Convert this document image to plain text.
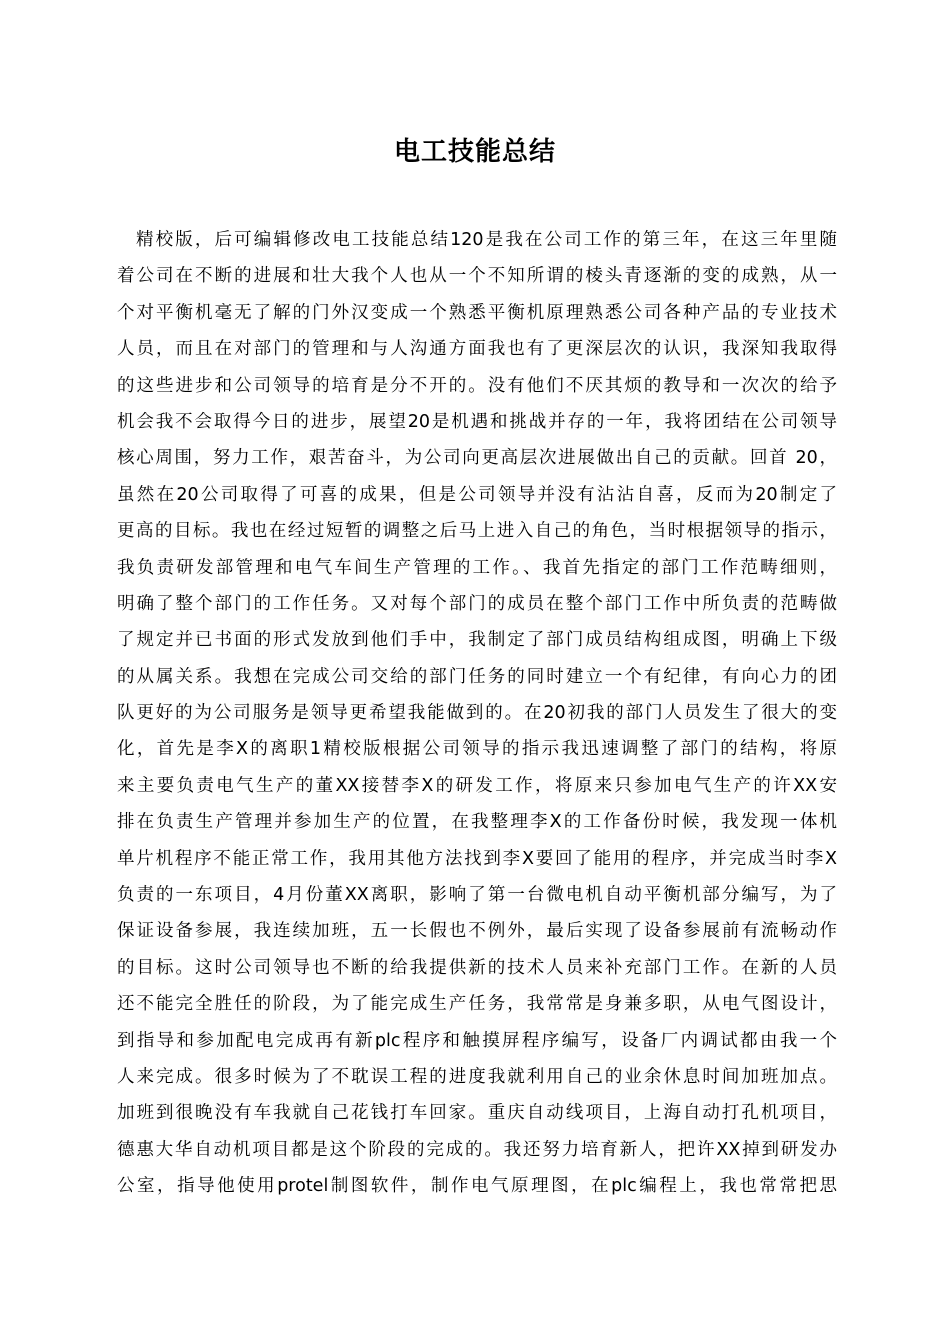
电工技能总结
精校版，后可编辑修改电工技能总结120是我在公司工作的第三年，在这三年里随
着公司在不断的进展和壮大我个人也从一个不知所谓的棱头青逐渐的变的成熟，从一
个对平衡机毫无了解的门外汉变成一个熟悉平衡机原理熟悉公司各种产品的专业技术
人员，而且在对部门的管理和与人沟通方面我也有了更深层次的认识，我深知我取得
的这些进步和公司领导的培育是分不开的。没有他们不厌其烦的教导和一次次的给予
机会我不会取得今日的进步，展望20是机遇和挑战并存的一年，我将团结在公司领导
核心周围，努力工作，艰苦奋斗，为公司向更高层次进展做出自己的贡献。回首 20，
虽然在20公司取得了可喜的成果，但是公司领导并没有沾沾自喜，反而为20制定了
更高的目标。我也在经过短暂的调整之后马上进入自己的角色，当时根据领导的指示，
我负责研发部管理和电气车间生产管理的工作。、我首先指定的部门工作范畴细则，
明确了整个部门的工作任务。又对每个部门的成员在整个部门工作中所负责的范畴做
了规定并已书面的形式发放到他们手中，我制定了部门成员结构组成图，明确上下级
的从属关系。我想在完成公司交给的部门任务的同时建立一个有纪律，有向心力的团
队更好的为公司服务是领导更希望我能做到的。在20初我的部门人员发生了很大的变
化，首先是李X的离职1精校版根据公司领导的指示我迅速调整了部门的结构，将原
来主要负责电气生产的董XX接替李X的研发工作，将原来只参加电气生产的许XX安
排在负责生产管理并参加生产的位置，在我整理李X的工作备份时候，我发现一体机
单片机程序不能正常工作，我用其他方法找到李X要回了能用的程序，并完成当时李X
负责的一东项目，4月份董XX离职，影响了第一台微电机自动平衡机部分编写，为了
保证设备参展，我连续加班，五一长假也不例外，最后实现了设备参展前有流畅动作
的目标。这时公司领导也不断的给我提供新的技术人员来补充部门工作。在新的人员
还不能完全胜任的阶段，为了能完成生产任务，我常常是身兼多职，从电气图设计，
到指导和参加配电完成再有新plc程序和触摸屏程序编写，设备厂内调试都由我一个
人来完成。很多时候为了不耽误工程的进度我就利用自己的业余休息时间加班加点。
加班到很晚没有车我就自己花钱打车回家。重庆自动线项目，上海自动打孔机项目，
德惠大华自动机项目都是这个阶段的完成的。我还努力培育新人，把许XX掉到研发办
公室，指导他使用protel制图软件，制作电气原理图，在plc编程上，我也常常把思
